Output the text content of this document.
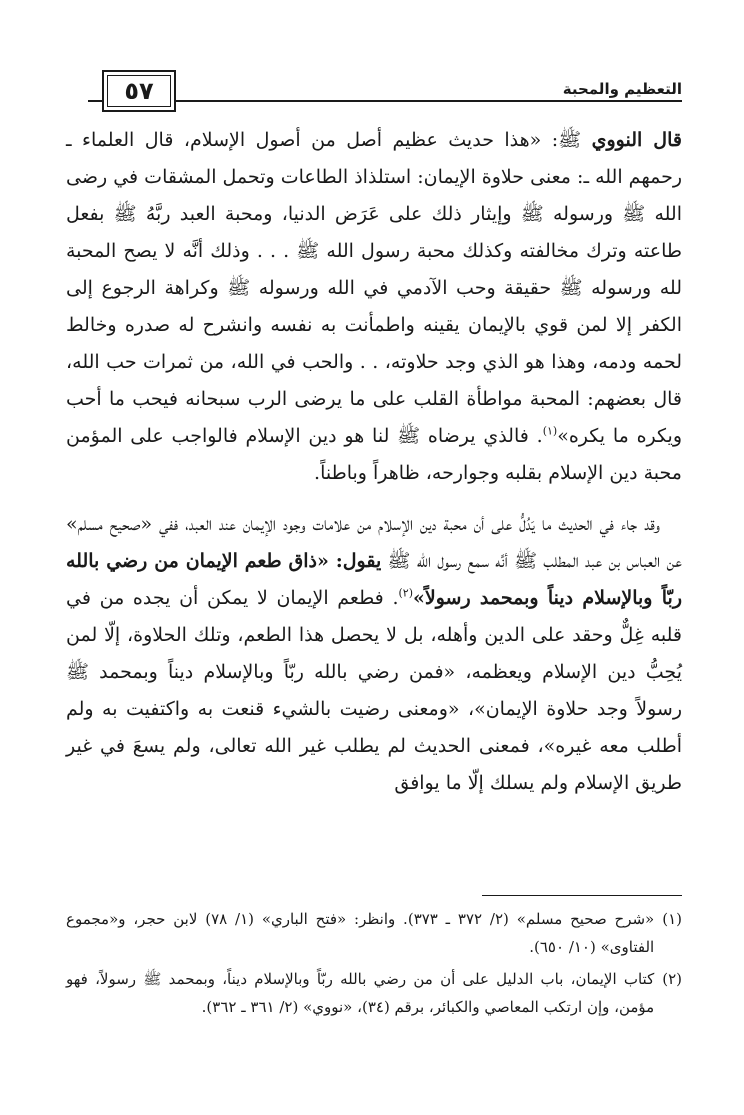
التعظيم والمحبة
٥٧

قال النووي ﷺ: «هذا حديث عظيم أصل من أصول الإسلام، قال العلماء ـ رحمهم الله ـ: معنى حلاوة الإيمان: استلذاذ الطاعات وتحمل المشقات في رضى الله ﷺ ورسوله ﷺ وإيثار ذلك على عَرَض الدنيا، ومحبة العبد ربَّهُ ﷺ بفعل طاعته وترك مخالفته وكذلك محبة رسول الله ﷺ . . . وذلك أنَّه لا يصح المحبة لله ورسوله ﷺ حقيقة وحب الآدمي في الله ورسوله ﷺ وكراهة الرجوع إلى الكفر إلا لمن قوي بالإيمان يقينه واطمأنت به نفسه وانشرح له صدره وخالط لحمه ودمه، وهذا هو الذي وجد حلاوته، . . والحب في الله، من ثمرات حب الله، قال بعضهم: المحبة مواطأة القلب على ما يرضى الرب سبحانه فيحب ما أحب ويكره ما يكره»$^{(١)}$. فالذي يرضاه ﷺ لنا هو دين الإسلام فالواجب على المؤمن محبة دين الإسلام بقلبه وجوارحه، ظاهراً وباطناً.

وقد جاء في الحديث ما يَدُلُّ على أن محبة دين الإسلام من علامات وجود الإيمان عند العبد، ففي «صحيح مسلم» عن العباس بن عبد المطلب ﷺ أنَّه سمع رسول الله ﷺ يقول: «ذاق طعم الإيمان من رضي بالله ربّاً وبالإسلام ديناً وبمحمد رسولاً»$^{(٢)}$. فطعم الإيمان لا يمكن أن يجده من في قلبه غِلٌّ وحقد على الدين وأهله، بل لا يحصل هذا الطعم، وتلك الحلاوة، إلّا لمن يُحِبُّ دين الإسلام ويعظمه، «فمن رضي بالله ربّاً وبالإسلام ديناً وبمحمد ﷺ رسولاً وجد حلاوة الإيمان»، «ومعنى رضيت بالشيء قنعت به واكتفيت به ولم أطلب معه غيره»، فمعنى الحديث لم يطلب غير الله تعالى، ولم يسعَ في غير طريق الإسلام ولم يسلك إلّا ما يوافق

(١)
«شرح صحيح مسلم» (٢/ ٣٧٢ ـ ٣٧٣). وانظر: «فتح الباري» (١/ ٧٨) لابن حجر، و«مجموع الفتاوى» (١٠/ ٦٥٠).
(٢)
كتاب الإيمان، باب الدليل على أن من رضي بالله ربّاً وبالإسلام ديناً، وبمحمد ﷺ رسولاً، فهو مؤمن، وإن ارتكب المعاصي والكبائر، برقم (٣٤)، «نووي» (٢/ ٣٦١ ـ ٣٦٢).
